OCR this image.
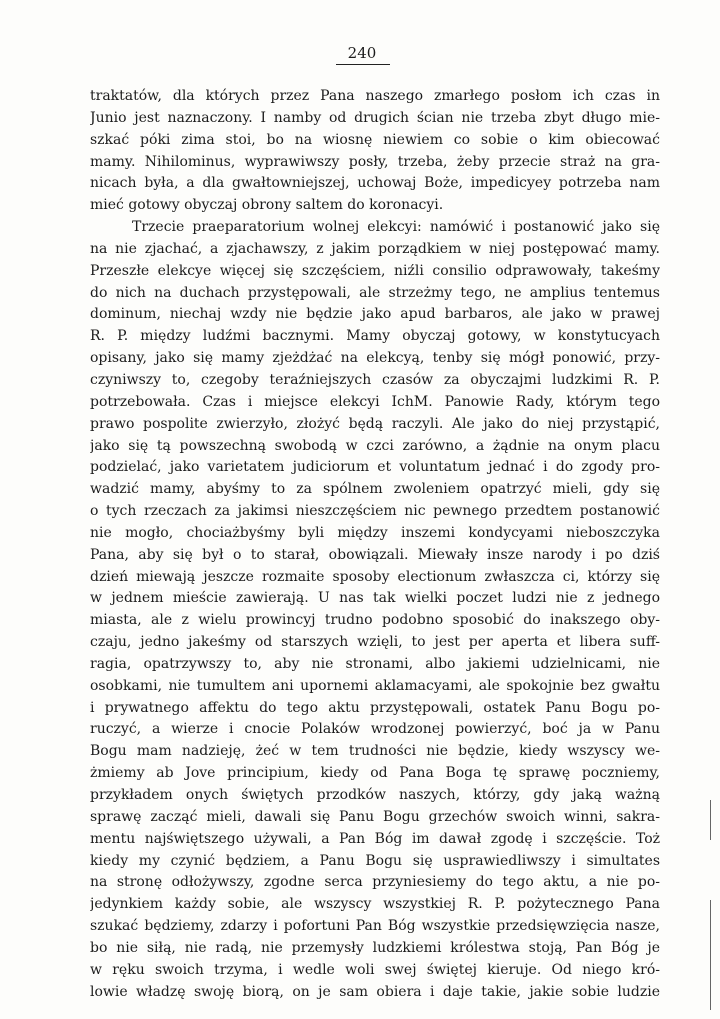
240
traktatów, dla których przez Pana naszego zmarłego posłom ich czas in
Junio jest naznaczony. I namby od drugich ścian nie trzeba zbyt długo mie-
szkać póki zima stoi, bo na wiosnę niewiem co sobie o kim obiecować
mamy. Nihilominus, wyprawiwszy posły, trzeba, żeby przecie straż na gra-
nicach była, a dla gwałtowniejszej, uchowaj Boże, impedicyey potrzeba nam
mieć gotowy obyczaj obrony saltem do koronacyi.
Trzecie praeparatorium wolnej elekcyi: namówić i postanowić jako się
na nie zjachać, a zjachawszy, z jakim porządkiem w niej postępować mamy.
Przeszłe elekcye więcej się szczęściem, niźli consilio odprawowały, takeśmy
do nich na duchach przystępowali, ale strzeżmy tego, ne amplius tentemus
dominum, niechaj wzdy nie będzie jako apud barbaros, ale jako w prawej
R. P. między ludźmi bacznymi. Mamy obyczaj gotowy, w konstytucyach
opisany, jako się mamy zjeżdżać na elekcyą, tenby się mógł ponowić, przy-
czyniwszy to, czegoby teraźniejszych czasów za obyczajmi ludzkimi R. P.
potrzebowała. Czas i miejsce elekcyi IchM. Panowie Rady, którym tego
prawo pospolite zwierzyło, złożyć będą raczyli. Ale jako do niej przystąpić,
jako się tą powszechną swobodą w czci zarówno, a żądnie na onym placu
podzielać, jako varietatem judiciorum et voluntatum jednać i do zgody pro-
wadzić mamy, abyśmy to za spólnem zwoleniem opatrzyć mieli, gdy się
o tych rzeczach za jakimsi nieszczęściem nic pewnego przedtem postanowić
nie mogło, chociażbyśmy byli między inszemi kondycyami nieboszczyka
Pana, aby się był o to starał, obowiązali. Miewały insze narody i po dziś
dzień miewają jeszcze rozmaite sposoby electionum zwłaszcza ci, którzy się
w jednem mieście zawierają. U nas tak wielki poczet ludzi nie z jednego
miasta, ale z wielu prowincyj trudno podobno sposobić do inakszego oby-
czaju, jedno jakeśmy od starszych wzięli, to jest per aperta et libera suff-
ragia, opatrzywszy to, aby nie stronami, albo jakiemi udzielnicami, nie
osobkami, nie tumultem ani upornemi aklamacyami, ale spokojnie bez gwałtu
i prywatnego affektu do tego aktu przystępowali, ostatek Panu Bogu po-
ruczyć, a wierze i cnocie Polaków wrodzonej powierzyć, boć ja w Panu
Bogu mam nadzieję, żeć w tem trudności nie będzie, kiedy wszyscy we-
żmiemy ab Jove principium, kiedy od Pana Boga tę sprawę poczniemy,
przykładem onych świętych przodków naszych, którzy, gdy jaką ważną
sprawę zacząć mieli, dawali się Panu Bogu grzechów swoich winni, sakra-
mentu najświętszego używali, a Pan Bóg im dawał zgodę i szczęście. Toż
kiedy my czynić będziem, a Panu Bogu się usprawiedliwszy i simultates
na stronę odłożywszy, zgodne serca przyniesiemy do tego aktu, a nie po-
jedynkiem każdy sobie, ale wszyscy wszystkiej R. P. pożytecznego Pana
szukać będziemy, zdarzy i pofortuni Pan Bóg wszystkie przedsięwzięcia nasze,
bo nie siłą, nie radą, nie przemysły ludzkiemi królestwa stoją, Pan Bóg je
w ręku swoich trzyma, i wedle woli swej świętej kieruje. Od niego kró-
lowie władzę swoję biorą, on je sam obiera i daje takie, jakie sobie ludzie
